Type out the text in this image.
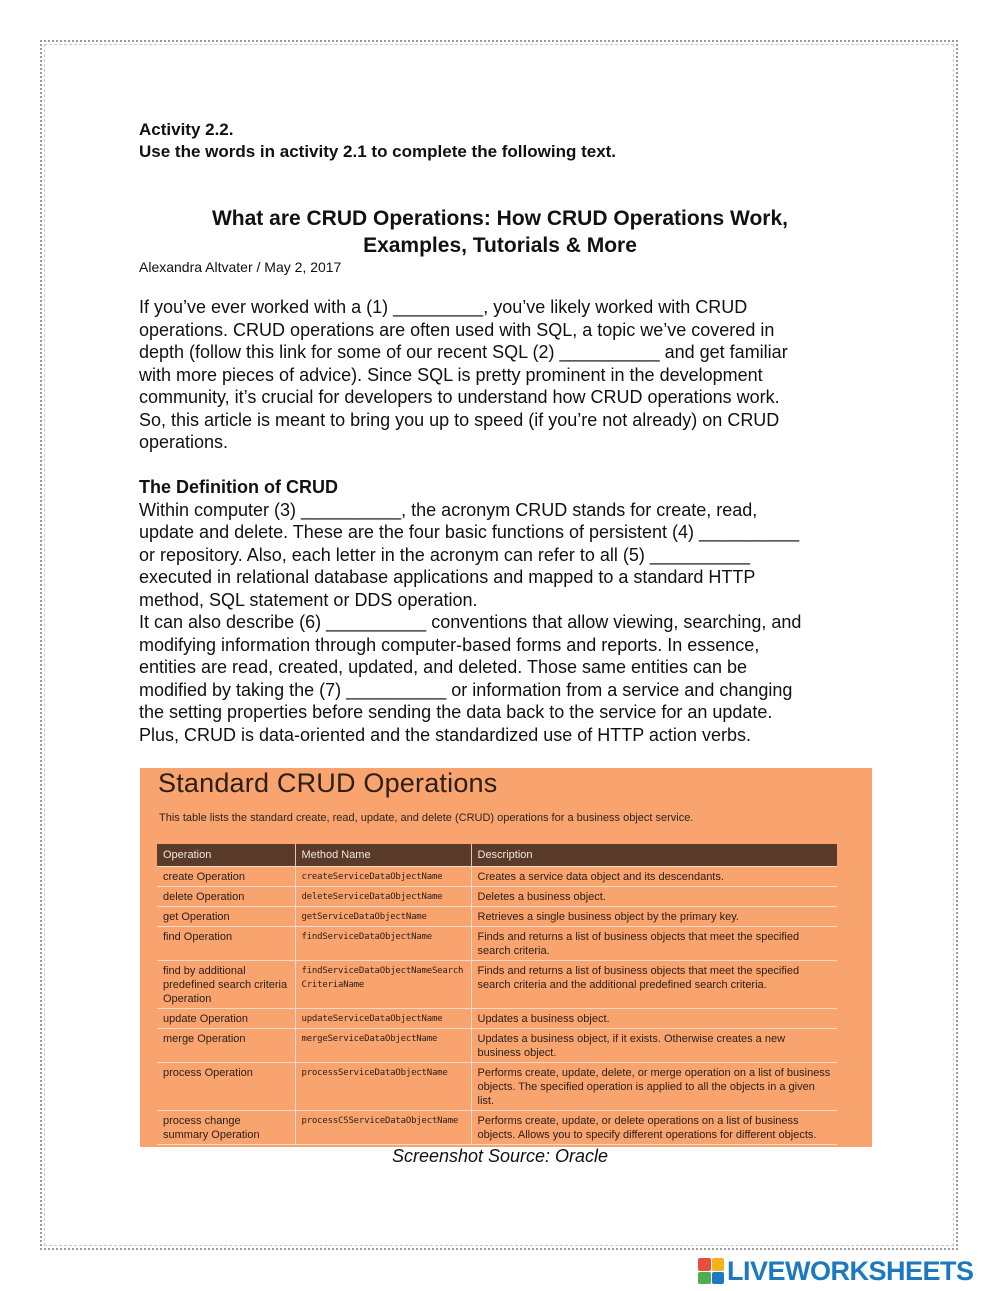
Activity 2.2.
Use the words in activity 2.1 to complete the following text.
What are CRUD Operations: How CRUD Operations Work,
Examples, Tutorials & More
Alexandra Altvater / May 2, 2017

If you’ve ever worked with a (1) _________, you’ve likely worked with CRUD

operations. CRUD operations are often used with SQL, a topic we’ve covered in

depth (follow this link for some of our recent SQL (2) __________ and get familiar

with more pieces of advice). Since SQL is pretty prominent in the development

community, it’s crucial for developers to understand how CRUD operations work.

So, this article is meant to bring you up to speed (if you’re not already) on CRUD

operations.

The Definition of CRUD

Within computer (3) __________, the acronym CRUD stands for create, read,

update and delete. These are the four basic functions of persistent (4) __________

or repository. Also, each letter in the acronym can refer to all (5) __________

executed in relational database applications and mapped to a standard HTTP

method, SQL statement or DDS operation.

It can also describe (6) __________ conventions that allow viewing, searching, and

modifying information through computer-based forms and reports. In essence,

entities are read, created, updated, and deleted. Those same entities can be

modified by taking the (7) __________ or information from a service and changing

the setting properties before sending the data back to the service for an update.

Plus, CRUD is data-oriented and the standardized use of HTTP action verbs.

Standard CRUD Operations
This table lists the standard create, read, update, and delete (CRUD) operations for a business object service.
Operation	Method Name	Description
create Operation	createServiceDataObjectName	Creates a service data object and its descendants.
delete Operation	deleteServiceDataObjectName	Deletes a business object.
get Operation	getServiceDataObjectName	Retrieves a single business object by the primary key.
find Operation	findServiceDataObjectName	Finds and returns a list of business objects that meet the specified search criteria.
find by additional predefined search criteria Operation	findServiceDataObjectNameSearchCriteriaName	Finds and returns a list of business objects that meet the specified search criteria and the additional predefined search criteria.
update Operation	updateServiceDataObjectName	Updates a business object.
merge Operation	mergeServiceDataObjectName	Updates a business object, if it exists. Otherwise creates a new business object.
process Operation	processServiceDataObjectName	Performs create, update, delete, or merge operation on a list of business objects. The specified operation is applied to all the objects in a given list.
process change summary Operation	processCSServiceDataObjectName	Performs create, update, or delete operations on a list of business objects. Allows you to specify different operations for different objects.
Screenshot Source: Oracle
LIVEWORKSHEETS
